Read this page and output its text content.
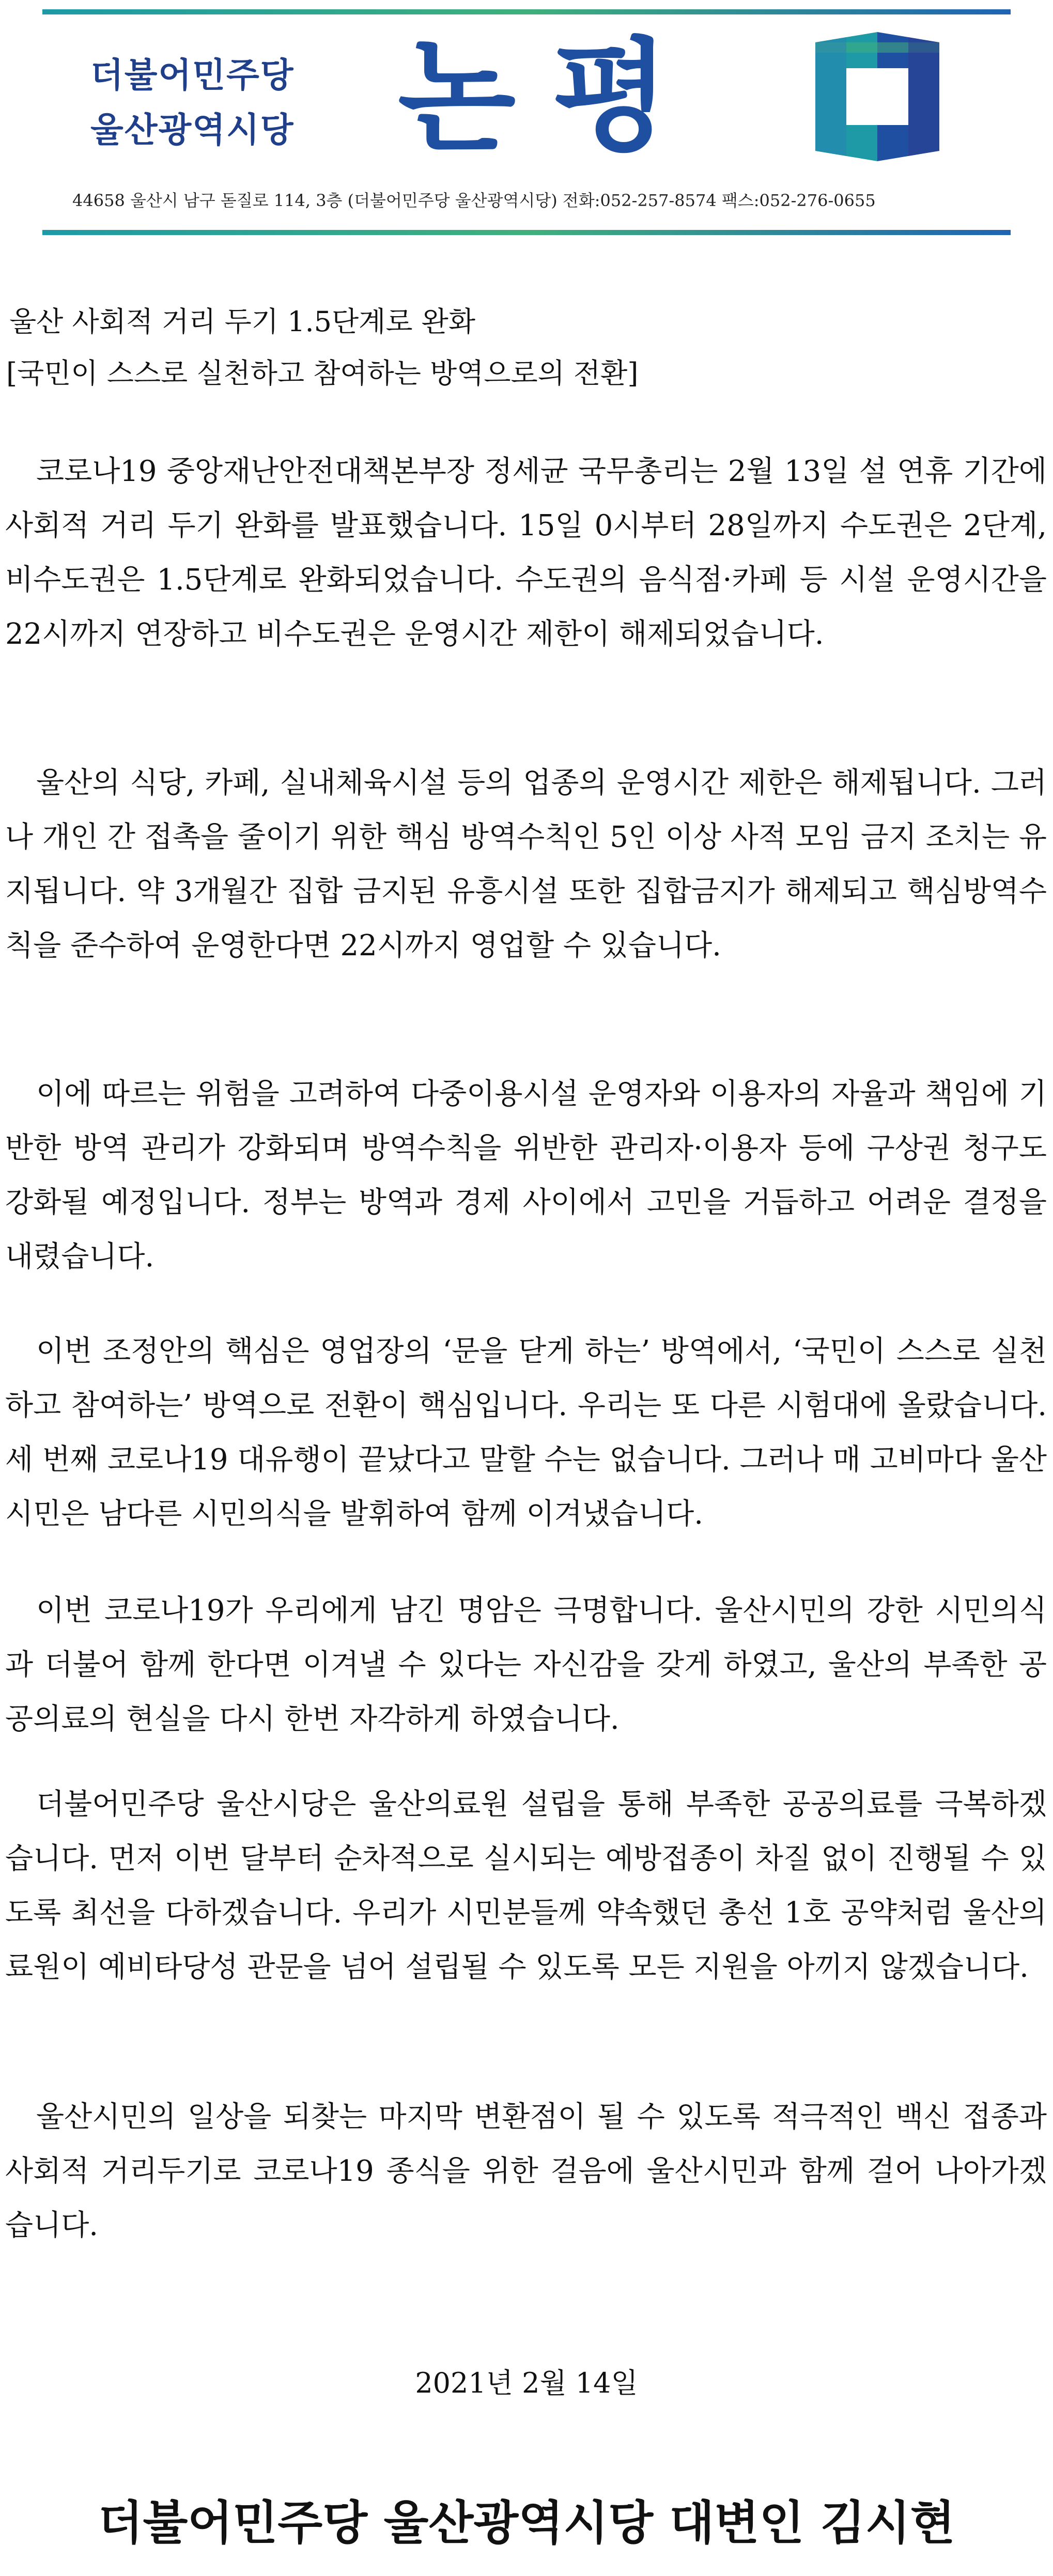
더불어민주당
울산광역시당 논평
44658 울산시 남구 돋질로 114, 3층 (더불어민주당 울산광역시당) 전화:052-257-8574 팩스:052-276-0655
울산 사회적 거리 두기 1.5단계로 완화
[국민이 스스로 실천하고 참여하는 방역으로의 전환]

코로나19 중앙재난안전대책본부장 정세균 국무총리는 2월 13일 설 연휴 기간에 사회적 거리 두기 완화를 발표했습니다. 15일 0시부터 28일까지 수도권은 2단계, 비수도권은 1.5단계로 완화되었습니다. 수도권의 음식점·카페 등 시설 운영시간을 22시까지 연장하고 비수도권은 운영시간 제한이 해제되었습니다.

울산의 식당, 카페, 실내체육시설 등의 업종의 운영시간 제한은 해제됩니다. 그러나 개인 간 접촉을 줄이기 위한 핵심 방역수칙인 5인 이상 사적 모임 금지 조치는 유지됩니다. 약 3개월간 집합 금지된 유흥시설 또한 집합금지가 해제되고 핵심방역수칙을 준수하여 운영한다면 22시까지 영업할 수 있습니다.

이에 따르는 위험을 고려하여 다중이용시설 운영자와 이용자의 자율과 책임에 기반한 방역 관리가 강화되며 방역수칙을 위반한 관리자·이용자 등에 구상권 청구도 강화될 예정입니다. 정부는 방역과 경제 사이에서 고민을 거듭하고 어려운 결정을 내렸습니다.

이번 조정안의 핵심은 영업장의 ‘문을 닫게 하는’ 방역에서, ‘국민이 스스로 실천하고 참여하는’ 방역으로 전환이 핵심입니다. 우리는 또 다른 시험대에 올랐습니다. 세 번째 코로나19 대유행이 끝났다고 말할 수는 없습니다. 그러나 매 고비마다 울산시민은 남다른 시민의식을 발휘하여 함께 이겨냈습니다.

이번 코로나19가 우리에게 남긴 명암은 극명합니다. 울산시민의 강한 시민의식과 더불어 함께 한다면 이겨낼 수 있다는 자신감을 갖게 하였고, 울산의 부족한 공공의료의 현실을 다시 한번 자각하게 하였습니다.

더불어민주당 울산시당은 울산의료원 설립을 통해 부족한 공공의료를 극복하겠습니다. 먼저 이번 달부터 순차적으로 실시되는 예방접종이 차질 없이 진행될 수 있도록 최선을 다하겠습니다. 우리가 시민분들께 약속했던 총선 1호 공약처럼 울산의료원이 예비타당성 관문을 넘어 설립될 수 있도록 모든 지원을 아끼지 않겠습니다.

울산시민의 일상을 되찾는 마지막 변환점이 될 수 있도록 적극적인 백신 접종과 사회적 거리두기로 코로나19 종식을 위한 걸음에 울산시민과 함께 걸어 나아가겠습니다.

2021년 2월 14일
더불어민주당 울산광역시당 대변인 김시현
